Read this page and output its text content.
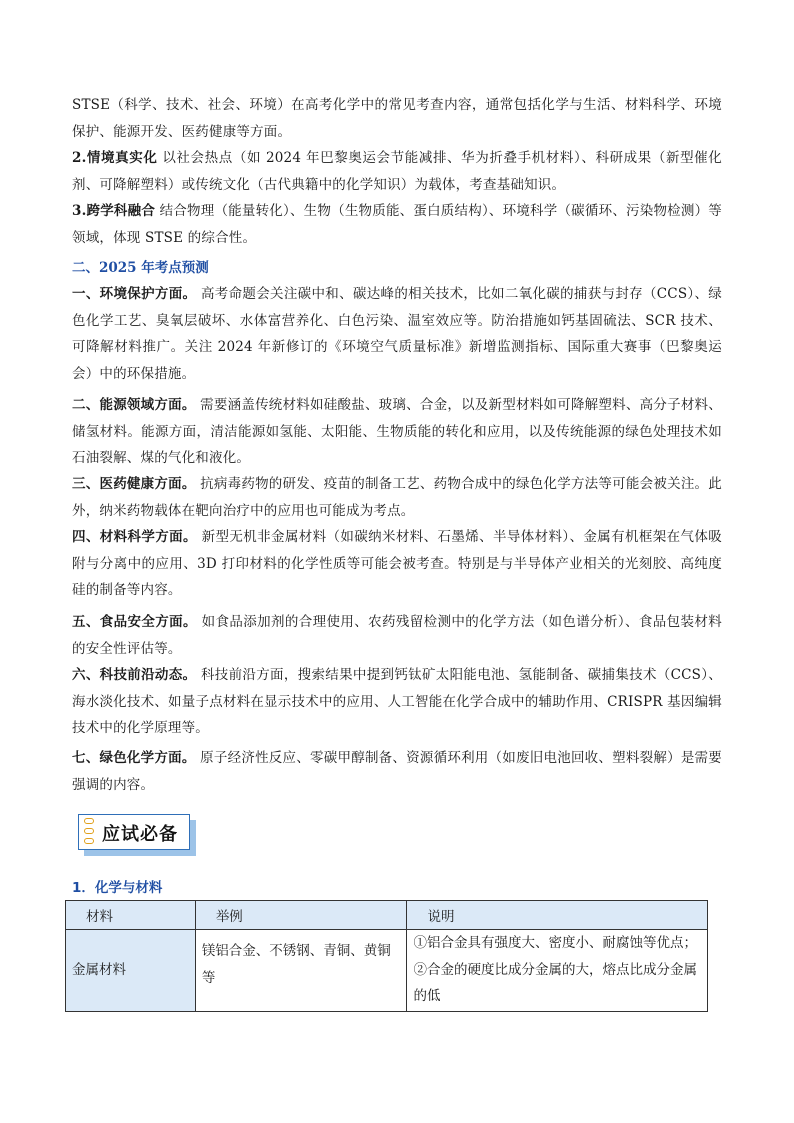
STSE（科学、技术、社会、环境）在高考化学中的常见考查内容，通常包括化学与生活、材料科学、环境保护、能源开发、医药健康等方面。

2.情境真实化 以社会热点（如 2024 年巴黎奥运会节能减排、华为折叠手机材料）、科研成果（新型催化剂、可降解塑料）或传统文化（古代典籍中的化学知识）为载体，考查基础知识。

3.跨学科融合 结合物理（能量转化）、生物（生物质能、蛋白质结构）、环境科学（碳循环、污染物检测）等领域，体现 STSE 的综合性。

二、2025 年考点预测

一、环境保护方面。 高考命题会关注碳中和、碳达峰的相关技术，比如二氧化碳的捕获与封存（CCS）、绿色化学工艺、臭氧层破坏、水体富营养化、白色污染、温室效应等。防治措施如钙基固硫法、SCR 技术、可降解材料推广。关注 2024 年新修订的《环境空气质量标准》新增监测指标、国际重大赛事（巴黎奥运会）中的环保措施。

二、能源领域方面。 需要涵盖传统材料如硅酸盐、玻璃、合金，以及新型材料如可降解塑料、高分子材料、储氢材料。能源方面，清洁能源如氢能、太阳能、生物质能的转化和应用，以及传统能源的绿色处理技术如石油裂解、煤的气化和液化。

三、医药健康方面。 抗病毒药物的研发、疫苗的制备工艺、药物合成中的绿色化学方法等可能会被关注。此外，纳米药物载体在靶向治疗中的应用也可能成为考点。

四、材料科学方面。 新型无机非金属材料（如碳纳米材料、石墨烯、半导体材料）、金属有机框架在气体吸附与分离中的应用、3D 打印材料的化学性质等可能会被考查。特别是与半导体产业相关的光刻胶、高纯度硅的制备等内容。

五、食品安全方面。 如食品添加剂的合理使用、农药残留检测中的化学方法（如色谱分析）、食品包装材料的安全性评估等。

六、科技前沿动态。 科技前沿方面，搜索结果中提到钙钛矿太阳能电池、氢能制备、碳捕集技术（CCS）、海水淡化技术、如量子点材料在显示技术中的应用、人工智能在化学合成中的辅助作用、CRISPR 基因编辑技术中的化学原理等。

七、绿色化学方面。 原子经济性反应、零碳甲醇制备、资源循环利用（如废旧电池回收、塑料裂解）是需要强调的内容。

应试必备
1．化学与材料
材料	举例	说明
金属材料	镁铝合金、不锈钢、青铜、黄铜等	①铝合金具有强度大、密度小、耐腐蚀等优点；②合金的硬度比成分金属的大，熔点比成分金属的低
